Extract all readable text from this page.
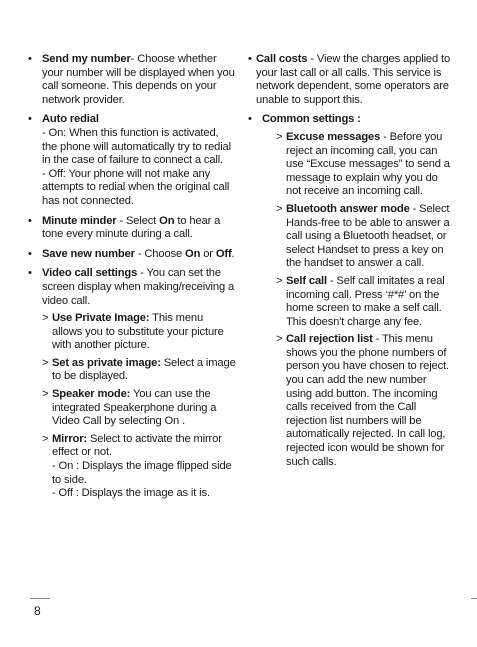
• Send my number- Choose whether your number will be displayed when you call someone. This depends on your network provider.
• Auto redial
- On: When this function is activated, the phone will automatically try to redial in the case of failure to connect a call.
- Off: Your phone will not make any attempts to redial when the original call has not connected.
• Minute minder - Select On to hear a tone every minute during a call.
• Save new number - Choose On or Off.
• Video call settings - You can set the screen display when making/receiving a video call.
> Use Private Image: This menu allows you to substitute your picture with another picture.
> Set as private image: Select a image to be displayed.
> Speaker mode: You can use the integrated Speakerphone during a Video Call by selecting On .
> Mirror: Select to activate the mirror effect or not.
- On : Displays the image flipped side to side.
- Off : Displays the image as it is.
• Call costs - View the charges applied to your last call or all calls. This service is network dependent, some operators are unable to support this.
• Common settings :
> Excuse messages - Before you reject an incoming call, you can use “Excuse messages” to send a message to explain why you do not receive an incoming call.
> Bluetooth answer mode - Select Hands-free to be able to answer a call using a Bluetooth headset, or select Handset to press a key on the handset to answer a call.
> Self call - Self call imitates a real incoming call. Press ‘#*#’ on the home screen to make a self call. This doesn't charge any fee.
> Call rejection list - This menu shows you the phone numbers of person you have chosen to reject. you can add the new number using add button. The incoming calls received from the Call rejection list numbers will be automatically rejected. In call log, rejected icon would be shown for such calls.
8
